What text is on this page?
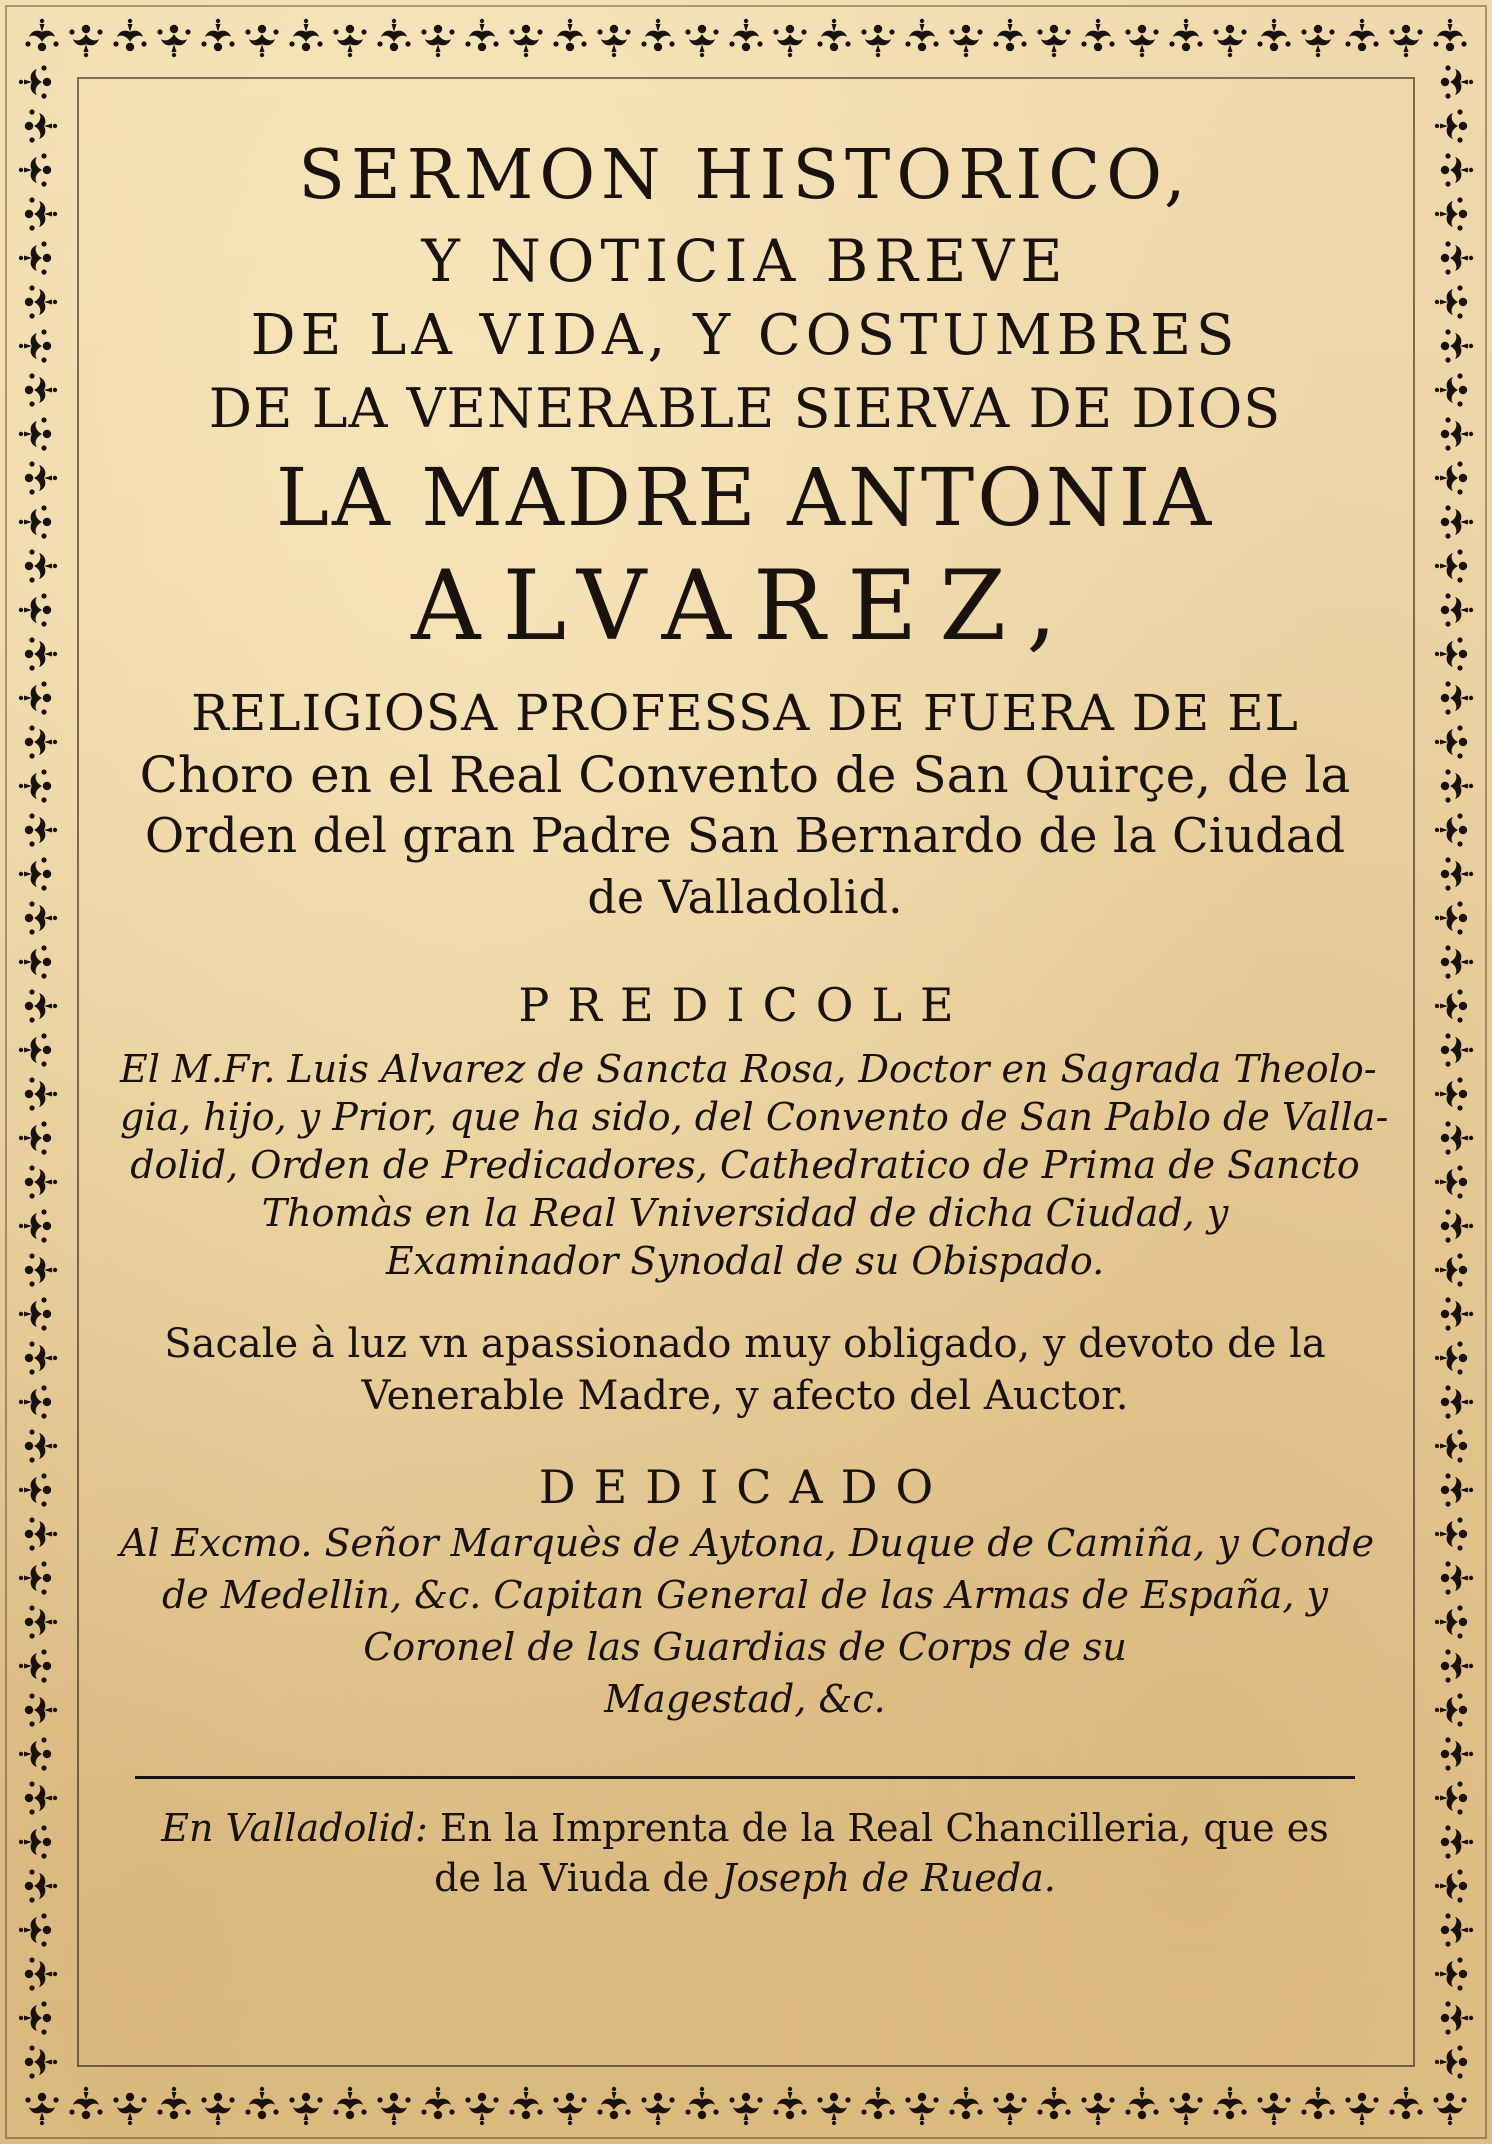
SERMON HISTORICO,
Y NOTICIA BREVE
DE LA VIDA, Y COSTUMBRES
DE LA VENERABLE SIERVA DE DIOS
LA MADRE ANTONIA
ALVAREZ,
RELIGIOSA PROFESSA DE FUERA DE EL
Choro en el Real Convento de San Quirçe, de la
Orden del gran Padre San Bernardo de la Ciudad
de Valladolid.
PREDICOLE
El M.Fr. Luis Alvarez de Sancta Rosa, Doctor en Sagrada Theolo-
gia, hijo, y Prior, que ha sido, del Convento de San Pablo de Valla-
dolid, Orden de Predicadores, Cathedratico de Prima de Sancto
Thomàs en la Real Vniversidad de dicha Ciudad, y
Examinador Synodal de su Obispado.
Sacale à luz vn apassionado muy obligado, y devoto de la
Venerable Madre, y afecto del Auctor.
DEDICADO
Al Excmo. Señor Marquès de Aytona, Duque de Camiña, y Conde
de Medellin, &c. Capitan General de las Armas de España, y
Coronel de las Guardias de Corps de su
Magestad, &c.
En Valladolid: En la Imprenta de la Real Chancilleria, que es
de la Viuda de Joseph de Rueda.
